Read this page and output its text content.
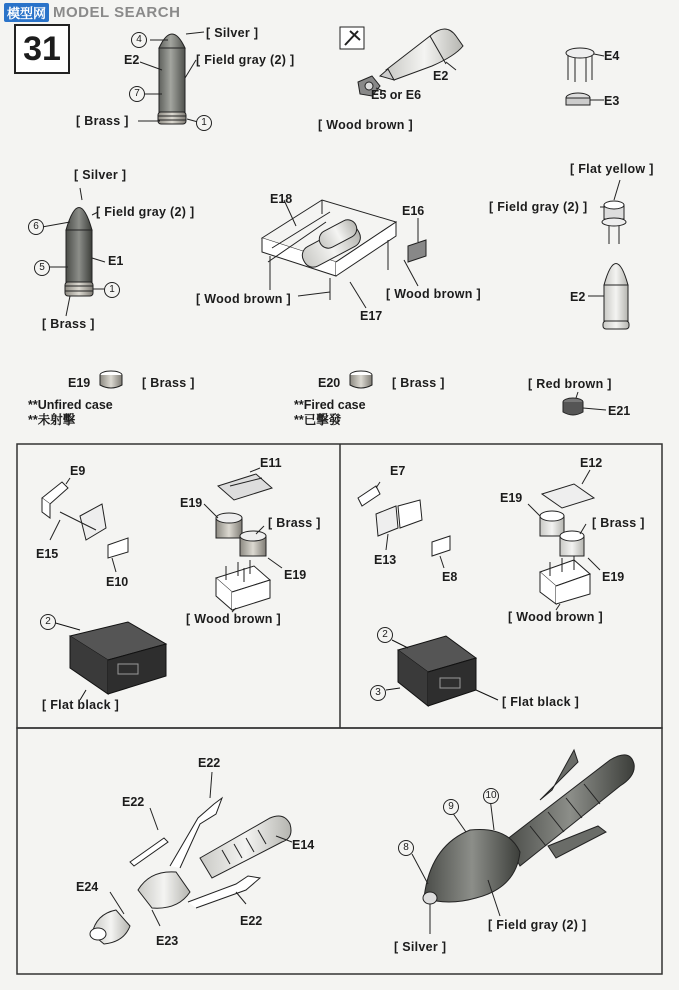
模型网 MODEL SEARCH
31	[ Silver ]
[ Field gray (2) ]
[ Brass ]
E2
4
7
1
E2
E5 or E6
[ Wood brown ]
E4
E3
[ Silver ]
[ Field gray (2) ]
[ Brass ]
E1
6
5
1
E18
E16
[ Wood brown ]
[ Wood brown ]
E17
[ Flat yellow ]
[ Field gray (2) ]
E2
E19	[ Brass ]
**Unfired case
**未射擊
E20	[ Brass ]
**Fired case
**已擊發
[ Red brown ]
E21
E9
E15
E10
E11
E19
[ Brass ]
E19
[ Wood brown ]
2
[ Flat black ]
E7
E13
E8
E12
E19
[ Brass ]
E19
[ Wood brown ]
2
3
[ Flat black ]
E22
E22
E14
E24
E22
E23
9
10
8
[ Field gray (2) ]
[ Silver ]
